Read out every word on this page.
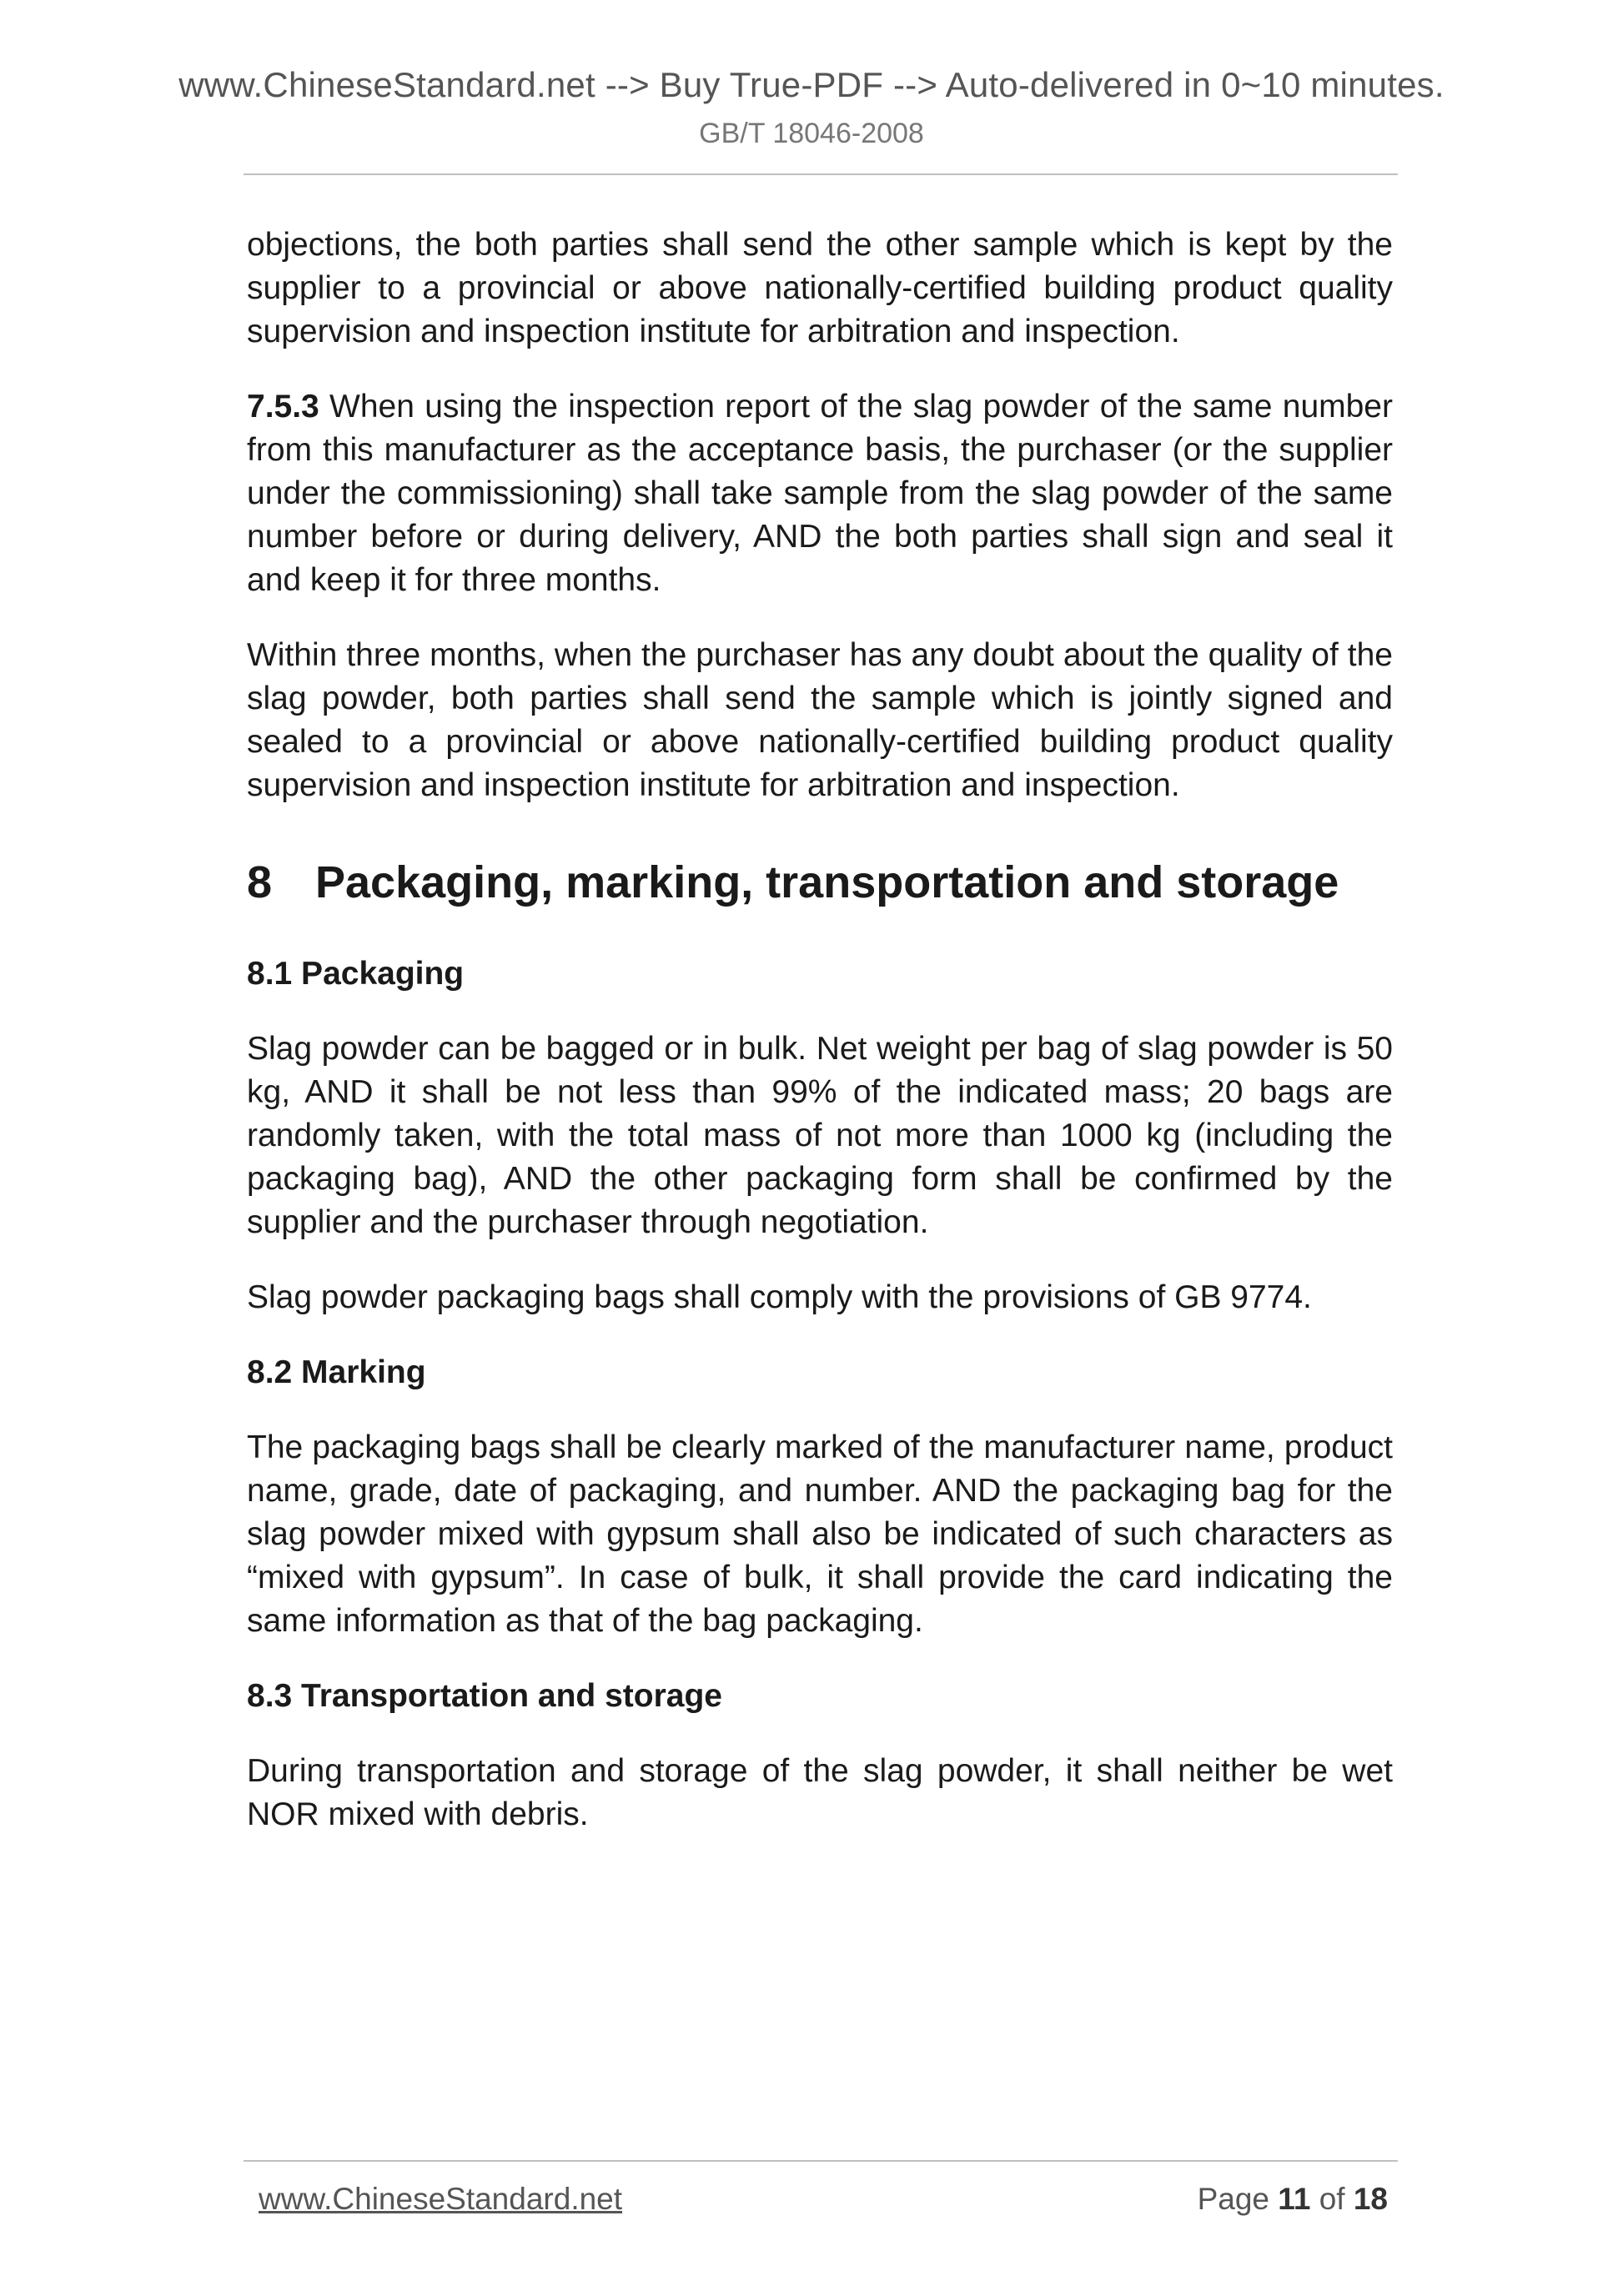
www.ChineseStandard.net --> Buy True-PDF --> Auto-delivered in 0~10 minutes.
GB/T 18046-2008

objections, the both parties shall send the other sample which is kept by the supplier to a provincial or above nationally-certified building product quality supervision and inspection institute for arbitration and inspection.

7.5.3 When using the inspection report of the slag powder of the same number from this manufacturer as the acceptance basis, the purchaser (or the supplier under the commissioning) shall take sample from the slag powder of the same number before or during delivery, AND the both parties shall sign and seal it and keep it for three months.

Within three months, when the purchaser has any doubt about the quality of the slag powder, both parties shall send the sample which is jointly signed and sealed to a provincial or above nationally-certified building product quality supervision and inspection institute for arbitration and inspection.

8 Packaging, marking, transportation and storage
8.1 Packaging

Slag powder can be bagged or in bulk. Net weight per bag of slag powder is 50 kg, AND it shall be not less than 99% of the indicated mass; 20 bags are randomly taken, with the total mass of not more than 1000 kg (including the packaging bag), AND the other packaging form shall be confirmed by the supplier and the purchaser through negotiation.

Slag powder packaging bags shall comply with the provisions of GB 9774.

8.2 Marking

The packaging bags shall be clearly marked of the manufacturer name, product name, grade, date of packaging, and number. AND the packaging bag for the slag powder mixed with gypsum shall also be indicated of such characters as “mixed with gypsum”. In case of bulk, it shall provide the card indicating the same information as that of the bag packaging.

8.3 Transportation and storage

During transportation and storage of the slag powder, it shall neither be wet NOR mixed with debris.

www.ChineseStandard.net	Page 11 of 18
